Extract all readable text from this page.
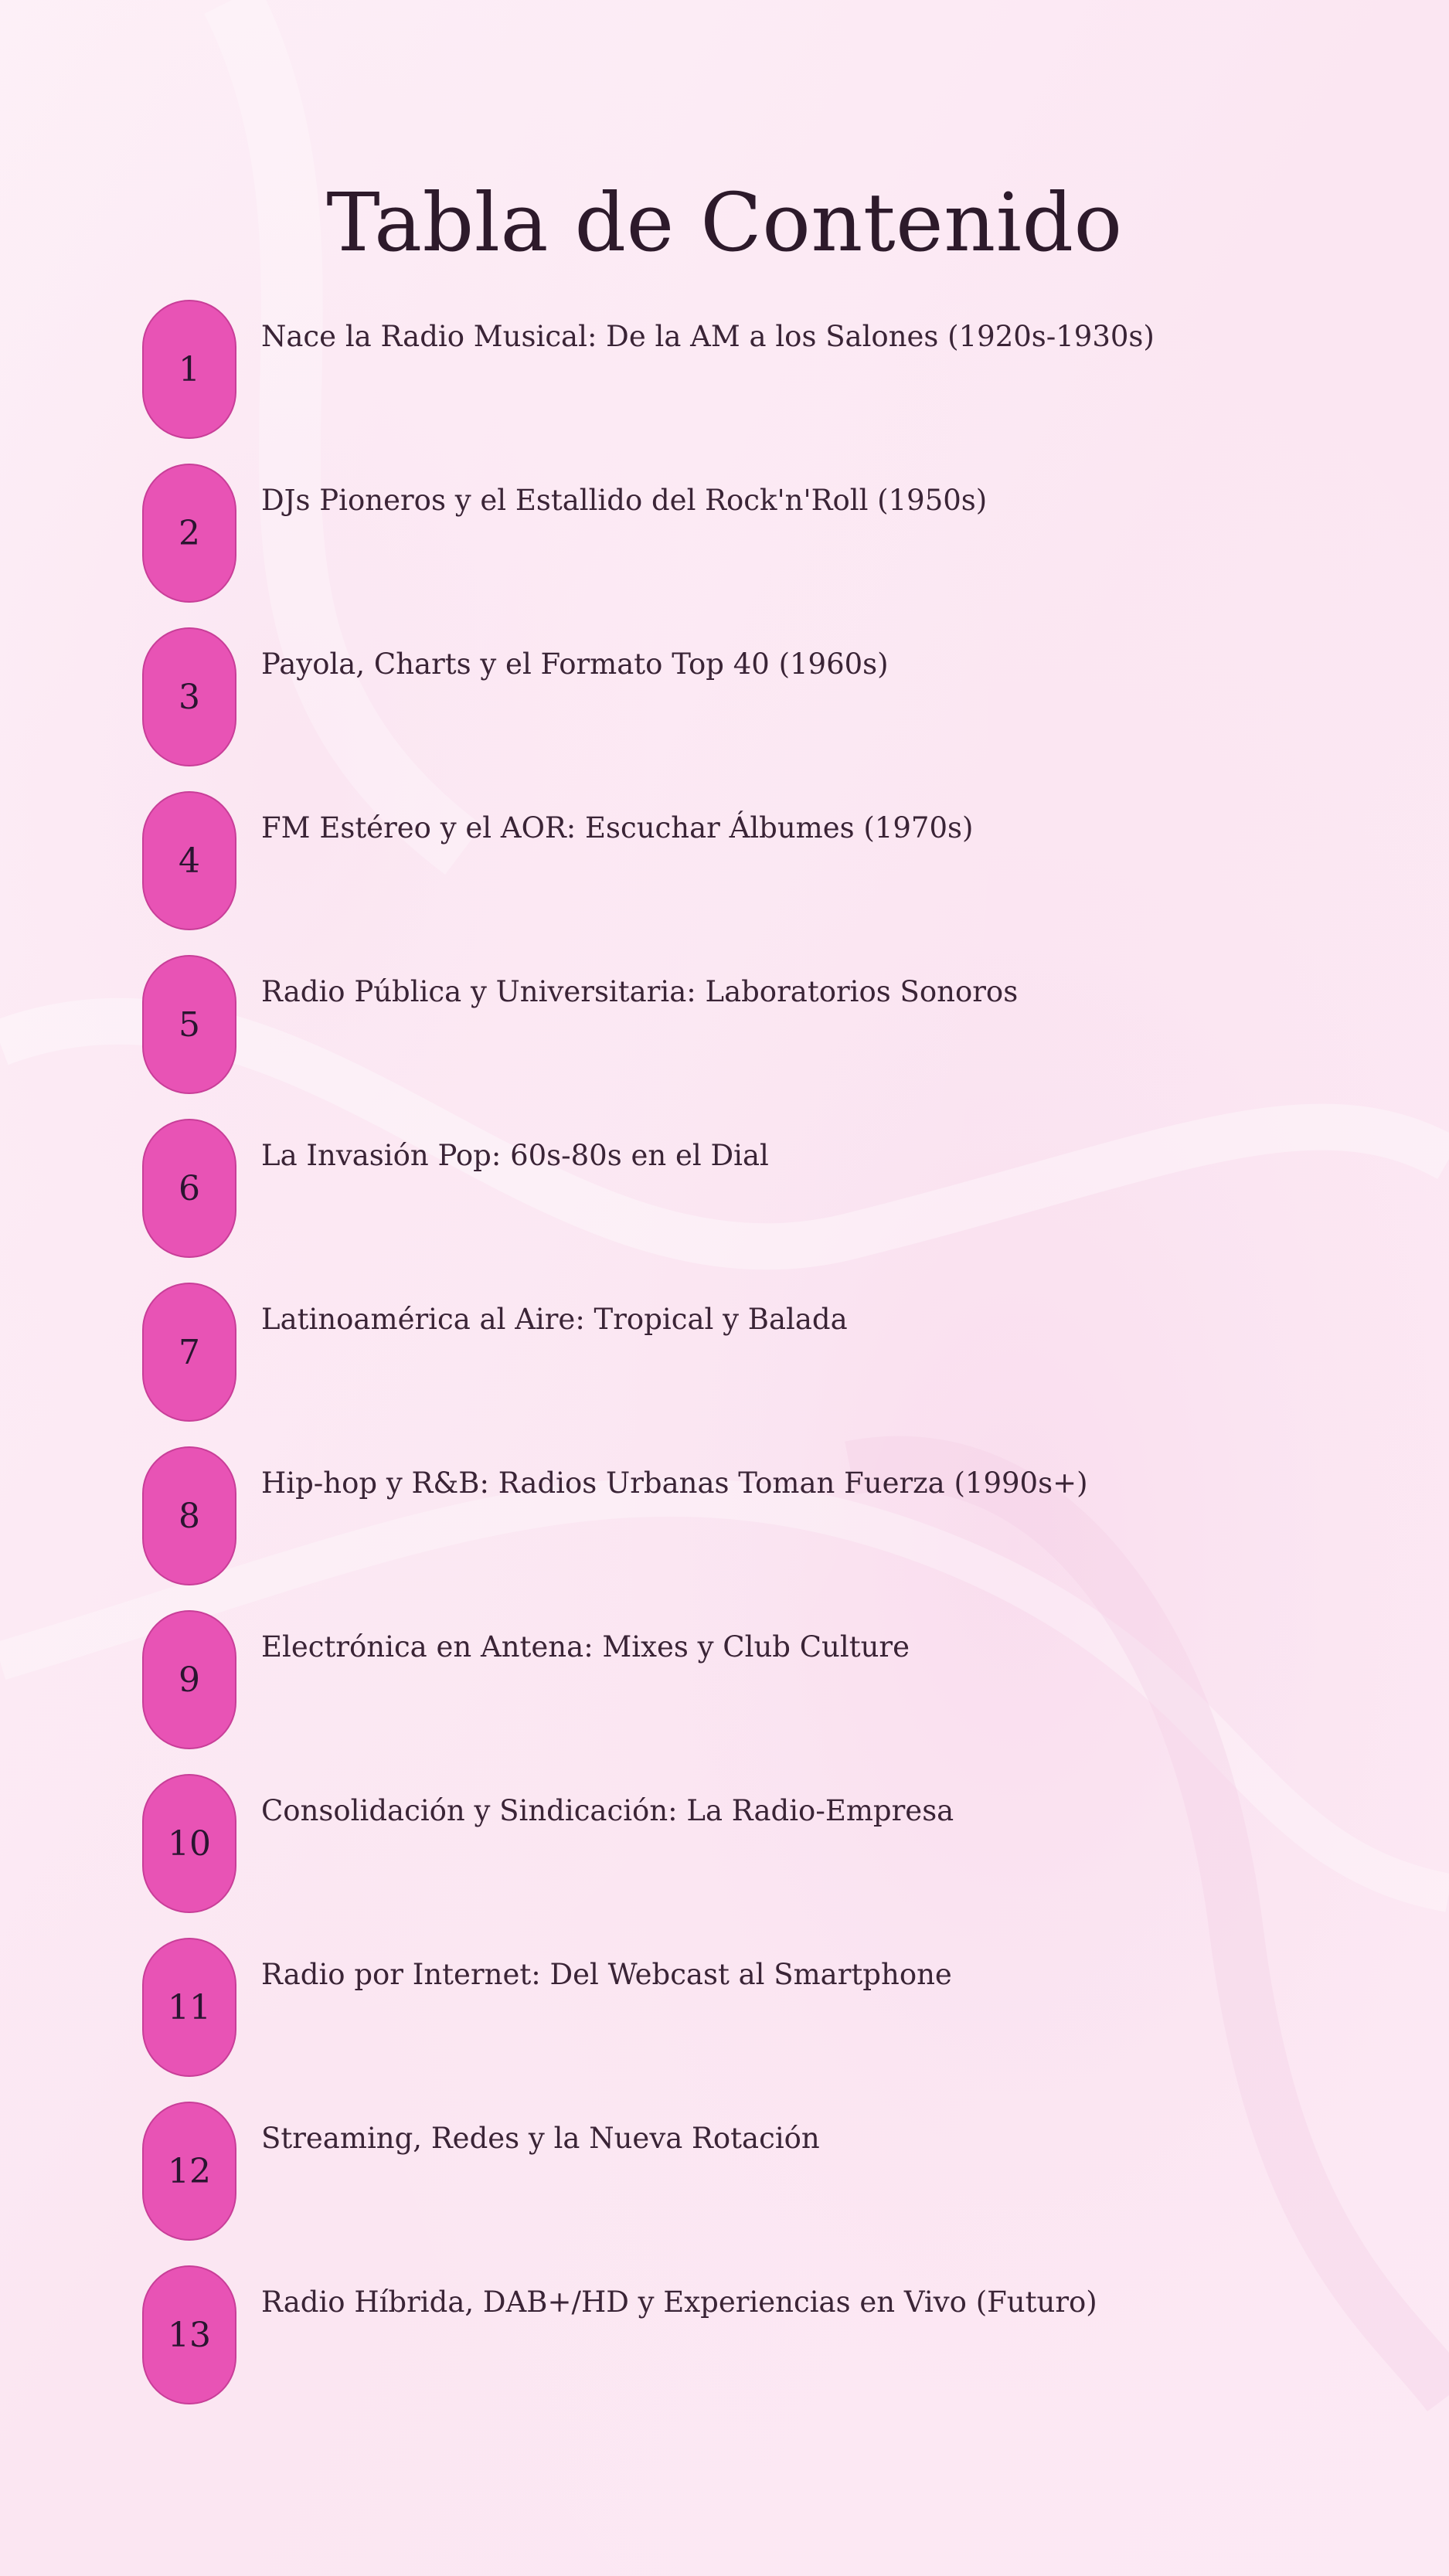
Tabla de Contenido
1
Nace la Radio Musical: De la AM a los Salones (1920s-1930s)
2
DJs Pioneros y el Estallido del Rock'n'Roll (1950s)
3
Payola, Charts y el Formato Top 40 (1960s)
4
FM Estéreo y el AOR: Escuchar Álbumes (1970s)
5
Radio Pública y Universitaria: Laboratorios Sonoros
6
La Invasión Pop: 60s-80s en el Dial
7
Latinoamérica al Aire: Tropical y Balada
8
Hip-hop y R&B: Radios Urbanas Toman Fuerza (1990s+)
9
Electrónica en Antena: Mixes y Club Culture
10
Consolidación y Sindicación: La Radio-Empresa
11
Radio por Internet: Del Webcast al Smartphone
12
Streaming, Redes y la Nueva Rotación
13
Radio Híbrida, DAB+/HD y Experiencias en Vivo (Futuro)
